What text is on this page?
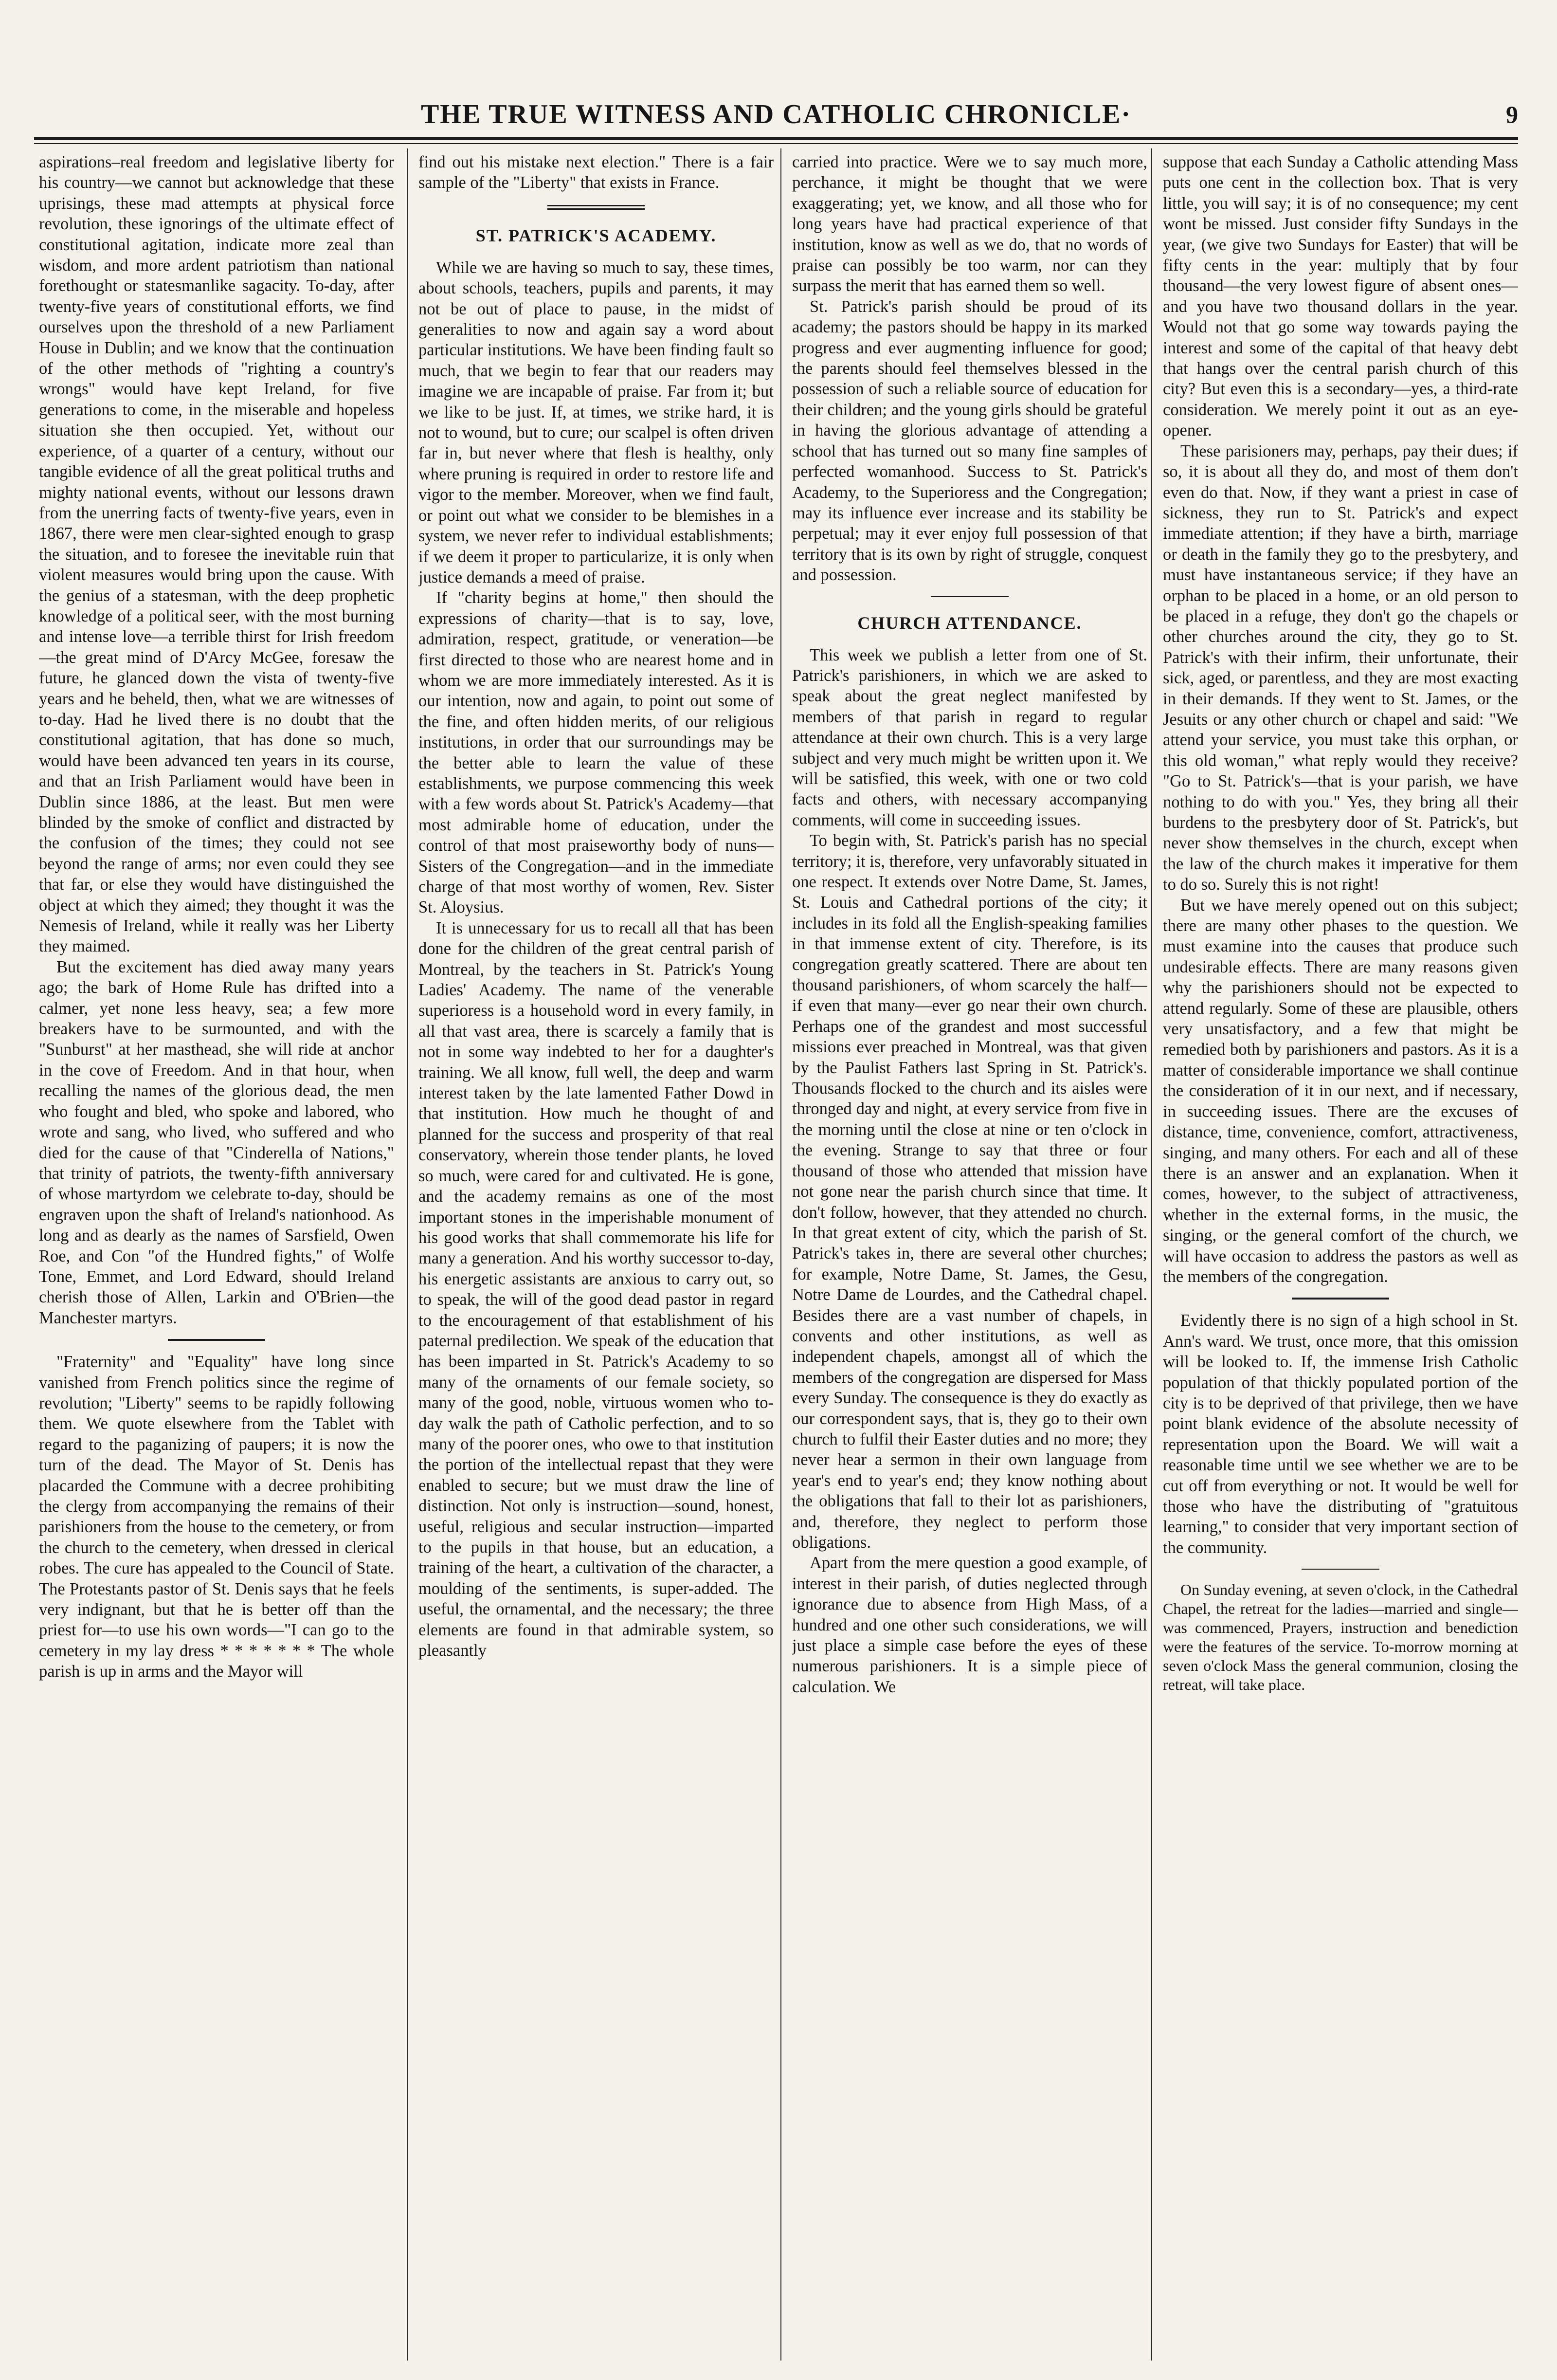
THE TRUE WITNESS AND CATHOLIC CHRONICLE·	9

aspirations–real freedom and legislative liberty for his country—we cannot but acknowledge that these uprisings, these mad attempts at physical force revolution, these ignorings of the ultimate effect of constitutional agitation, indicate more zeal than wisdom, and more ardent patriotism than national forethought or statesmanlike sagacity. To-day, after twenty-five years of constitutional efforts, we find ourselves upon the threshold of a new Parliament House in Dublin; and we know that the continuation of the other methods of "righting a country's wrongs" would have kept Ireland, for five generations to come, in the miserable and hopeless situation she then occupied. Yet, without our experience, of a quarter of a century, without our tangible evidence of all the great political truths and mighty national events, without our lessons drawn from the unerring facts of twenty-five years, even in 1867, there were men clear-sighted enough to grasp the situation, and to foresee the inevitable ruin that violent measures would bring upon the cause. With the genius of a statesman, with the deep prophetic knowledge of a political seer, with the most burning and intense love—a terrible thirst for Irish freedom—the great mind of D'Arcy McGee, foresaw the future, he glanced down the vista of twenty-five years and he beheld, then, what we are witnesses of to-day. Had he lived there is no doubt that the constitutional agitation, that has done so much, would have been advanced ten years in its course, and that an Irish Parliament would have been in Dublin since 1886, at the least. But men were blinded by the smoke of conflict and distracted by the confusion of the times; they could not see beyond the range of arms; nor even could they see that far, or else they would have distinguished the object at which they aimed; they thought it was the Nemesis of Ireland, while it really was her Liberty they maimed.

But the excitement has died away many years ago; the bark of Home Rule has drifted into a calmer, yet none less heavy, sea; a few more breakers have to be surmounted, and with the "Sunburst" at her masthead, she will ride at anchor in the cove of Freedom. And in that hour, when recalling the names of the glorious dead, the men who fought and bled, who spoke and labored, who wrote and sang, who lived, who suffered and who died for the cause of that "Cinderella of Nations," that trinity of patriots, the twenty-fifth anniversary of whose martyrdom we celebrate to-day, should be engraven upon the shaft of Ireland's nationhood. As long and as dearly as the names of Sarsfield, Owen Roe, and Con "of the Hundred fights," of Wolfe Tone, Emmet, and Lord Edward, should Ireland cherish those of Allen, Larkin and O'Brien—the Manchester martyrs.

"Fraternity" and "Equality" have long since vanished from French politics since the regime of revolution; "Liberty" seems to be rapidly following them. We quote elsewhere from the Tablet with regard to the paganizing of paupers; it is now the turn of the dead. The Mayor of St. Denis has placarded the Commune with a decree prohibiting the clergy from accompanying the remains of their parishioners from the house to the cemetery, or from the church to the cemetery, when dressed in clerical robes. The cure has appealed to the Council of State. The Protestants pastor of St. Denis says that he feels very indignant, but that he is better off than the priest for—to use his own words—"I can go to the cemetery in my lay dress * * * * * * * The whole parish is up in arms and the Mayor will

find out his mistake next election." There is a fair sample of the "Liberty" that exists in France.

ST. PATRICK'S ACADEMY.

While we are having so much to say, these times, about schools, teachers, pupils and parents, it may not be out of place to pause, in the midst of generalities to now and again say a word about particular institutions. We have been finding fault so much, that we begin to fear that our readers may imagine we are incapable of praise. Far from it; but we like to be just. If, at times, we strike hard, it is not to wound, but to cure; our scalpel is often driven far in, but never where that flesh is healthy, only where pruning is required in order to restore life and vigor to the member. Moreover, when we find fault, or point out what we consider to be blemishes in a system, we never refer to individual establishments; if we deem it proper to particularize, it is only when justice demands a meed of praise.

If "charity begins at home," then should the expressions of charity—that is to say, love, admiration, respect, gratitude, or veneration—be first directed to those who are nearest home and in whom we are more immediately interested. As it is our intention, now and again, to point out some of the fine, and often hidden merits, of our religious institutions, in order that our surroundings may be the better able to learn the value of these establishments, we purpose commencing this week with a few words about St. Patrick's Academy—that most admirable home of education, under the control of that most praiseworthy body of nuns—Sisters of the Congregation—and in the immediate charge of that most worthy of women, Rev. Sister St. Aloysius.

It is unnecessary for us to recall all that has been done for the children of the great central parish of Montreal, by the teachers in St. Patrick's Young Ladies' Academy. The name of the venerable superioress is a household word in every family, in all that vast area, there is scarcely a family that is not in some way indebted to her for a daughter's training. We all know, full well, the deep and warm interest taken by the late lamented Father Dowd in that institution. How much he thought of and planned for the success and prosperity of that real conservatory, wherein those tender plants, he loved so much, were cared for and cultivated. He is gone, and the academy remains as one of the most important stones in the imperishable monument of his good works that shall commemorate his life for many a generation. And his worthy successor to-day, his energetic assistants are anxious to carry out, so to speak, the will of the good dead pastor in regard to the encouragement of that establishment of his paternal predilection. We speak of the education that has been imparted in St. Patrick's Academy to so many of the ornaments of our female society, so many of the good, noble, virtuous women who to-day walk the path of Catholic perfection, and to so many of the poorer ones, who owe to that institution the portion of the intellectual repast that they were enabled to secure; but we must draw the line of distinction. Not only is instruction—sound, honest, useful, religious and secular instruction—imparted to the pupils in that house, but an education, a training of the heart, a cultivation of the character, a moulding of the sentiments, is super-added. The useful, the ornamental, and the necessary; the three elements are found in that admirable system, so pleasantly

carried into practice. Were we to say much more, perchance, it might be thought that we were exaggerating; yet, we know, and all those who for long years have had practical experience of that institution, know as well as we do, that no words of praise can possibly be too warm, nor can they surpass the merit that has earned them so well.

St. Patrick's parish should be proud of its academy; the pastors should be happy in its marked progress and ever augmenting influence for good; the parents should feel themselves blessed in the possession of such a reliable source of education for their children; and the young girls should be grateful in having the glorious advantage of attending a school that has turned out so many fine samples of perfected womanhood. Success to St. Patrick's Academy, to the Superioress and the Congregation; may its influence ever increase and its stability be perpetual; may it ever enjoy full possession of that territory that is its own by right of struggle, conquest and possession.

CHURCH ATTENDANCE.

This week we publish a letter from one of St. Patrick's parishioners, in which we are asked to speak about the great neglect manifested by members of that parish in regard to regular attendance at their own church. This is a very large subject and very much might be written upon it. We will be satisfied, this week, with one or two cold facts and others, with necessary accompanying comments, will come in succeeding issues.

To begin with, St. Patrick's parish has no special territory; it is, therefore, very unfavorably situated in one respect. It extends over Notre Dame, St. James, St. Louis and Cathedral portions of the city; it includes in its fold all the English-speaking families in that immense extent of city. Therefore, is its congregation greatly scattered. There are about ten thousand parishioners, of whom scarcely the half—if even that many—ever go near their own church. Perhaps one of the grandest and most successful missions ever preached in Montreal, was that given by the Paulist Fathers last Spring in St. Patrick's. Thousands flocked to the church and its aisles were thronged day and night, at every service from five in the morning until the close at nine or ten o'clock in the evening. Strange to say that three or four thousand of those who attended that mission have not gone near the parish church since that time. It don't follow, however, that they attended no church. In that great extent of city, which the parish of St. Patrick's takes in, there are several other churches; for example, Notre Dame, St. James, the Gesu, Notre Dame de Lourdes, and the Cathedral chapel. Besides there are a vast number of chapels, in convents and other institutions, as well as independent chapels, amongst all of which the members of the congregation are dispersed for Mass every Sunday. The consequence is they do exactly as our correspondent says, that is, they go to their own church to fulfil their Easter duties and no more; they never hear a sermon in their own language from year's end to year's end; they know nothing about the obligations that fall to their lot as parishioners, and, therefore, they neglect to perform those obligations.

Apart from the mere question a good example, of interest in their parish, of duties neglected through ignorance due to absence from High Mass, of a hundred and one other such considerations, we will just place a simple case before the eyes of these numerous parishioners. It is a simple piece of calculation. We

suppose that each Sunday a Catholic attending Mass puts one cent in the collection box. That is very little, you will say; it is of no consequence; my cent wont be missed. Just consider fifty Sundays in the year, (we give two Sundays for Easter) that will be fifty cents in the year: multiply that by four thousand—the very lowest figure of absent ones—and you have two thousand dollars in the year. Would not that go some way towards paying the interest and some of the capital of that heavy debt that hangs over the central parish church of this city? But even this is a secondary—yes, a third-rate consideration. We merely point it out as an eye-opener.

These parisioners may, perhaps, pay their dues; if so, it is about all they do, and most of them don't even do that. Now, if they want a priest in case of sickness, they run to St. Patrick's and expect immediate attention; if they have a birth, marriage or death in the family they go to the presbytery, and must have instantaneous service; if they have an orphan to be placed in a home, or an old person to be placed in a refuge, they don't go the chapels or other churches around the city, they go to St. Patrick's with their infirm, their unfortunate, their sick, aged, or parentless, and they are most exacting in their demands. If they went to St. James, or the Jesuits or any other church or chapel and said: "We attend your service, you must take this orphan, or this old woman," what reply would they receive? "Go to St. Patrick's—that is your parish, we have nothing to do with you." Yes, they bring all their burdens to the presbytery door of St. Patrick's, but never show themselves in the church, except when the law of the church makes it imperative for them to do so. Surely this is not right!

But we have merely opened out on this subject; there are many other phases to the question. We must examine into the causes that produce such undesirable effects. There are many reasons given why the parishioners should not be expected to attend regularly. Some of these are plausible, others very unsatisfactory, and a few that might be remedied both by parishioners and pastors. As it is a matter of considerable importance we shall continue the consideration of it in our next, and if necessary, in succeeding issues. There are the excuses of distance, time, convenience, comfort, attractiveness, singing, and many others. For each and all of these there is an answer and an explanation. When it comes, however, to the subject of attractiveness, whether in the external forms, in the music, the singing, or the general comfort of the church, we will have occasion to address the pastors as well as the members of the congregation.

Evidently there is no sign of a high school in St. Ann's ward. We trust, once more, that this omission will be looked to. If, the immense Irish Catholic population of that thickly populated portion of the city is to be deprived of that privilege, then we have point blank evidence of the absolute necessity of representation upon the Board. We will wait a reasonable time until we see whether we are to be cut off from everything or not. It would be well for those who have the distributing of "gratuitous learning," to consider that very important section of the community.

On Sunday evening, at seven o'clock, in the Cathedral Chapel, the retreat for the ladies—married and single—was commenced, Prayers, instruction and benediction were the features of the service. To-morrow morning at seven o'clock Mass the general communion, closing the retreat, will take place.
